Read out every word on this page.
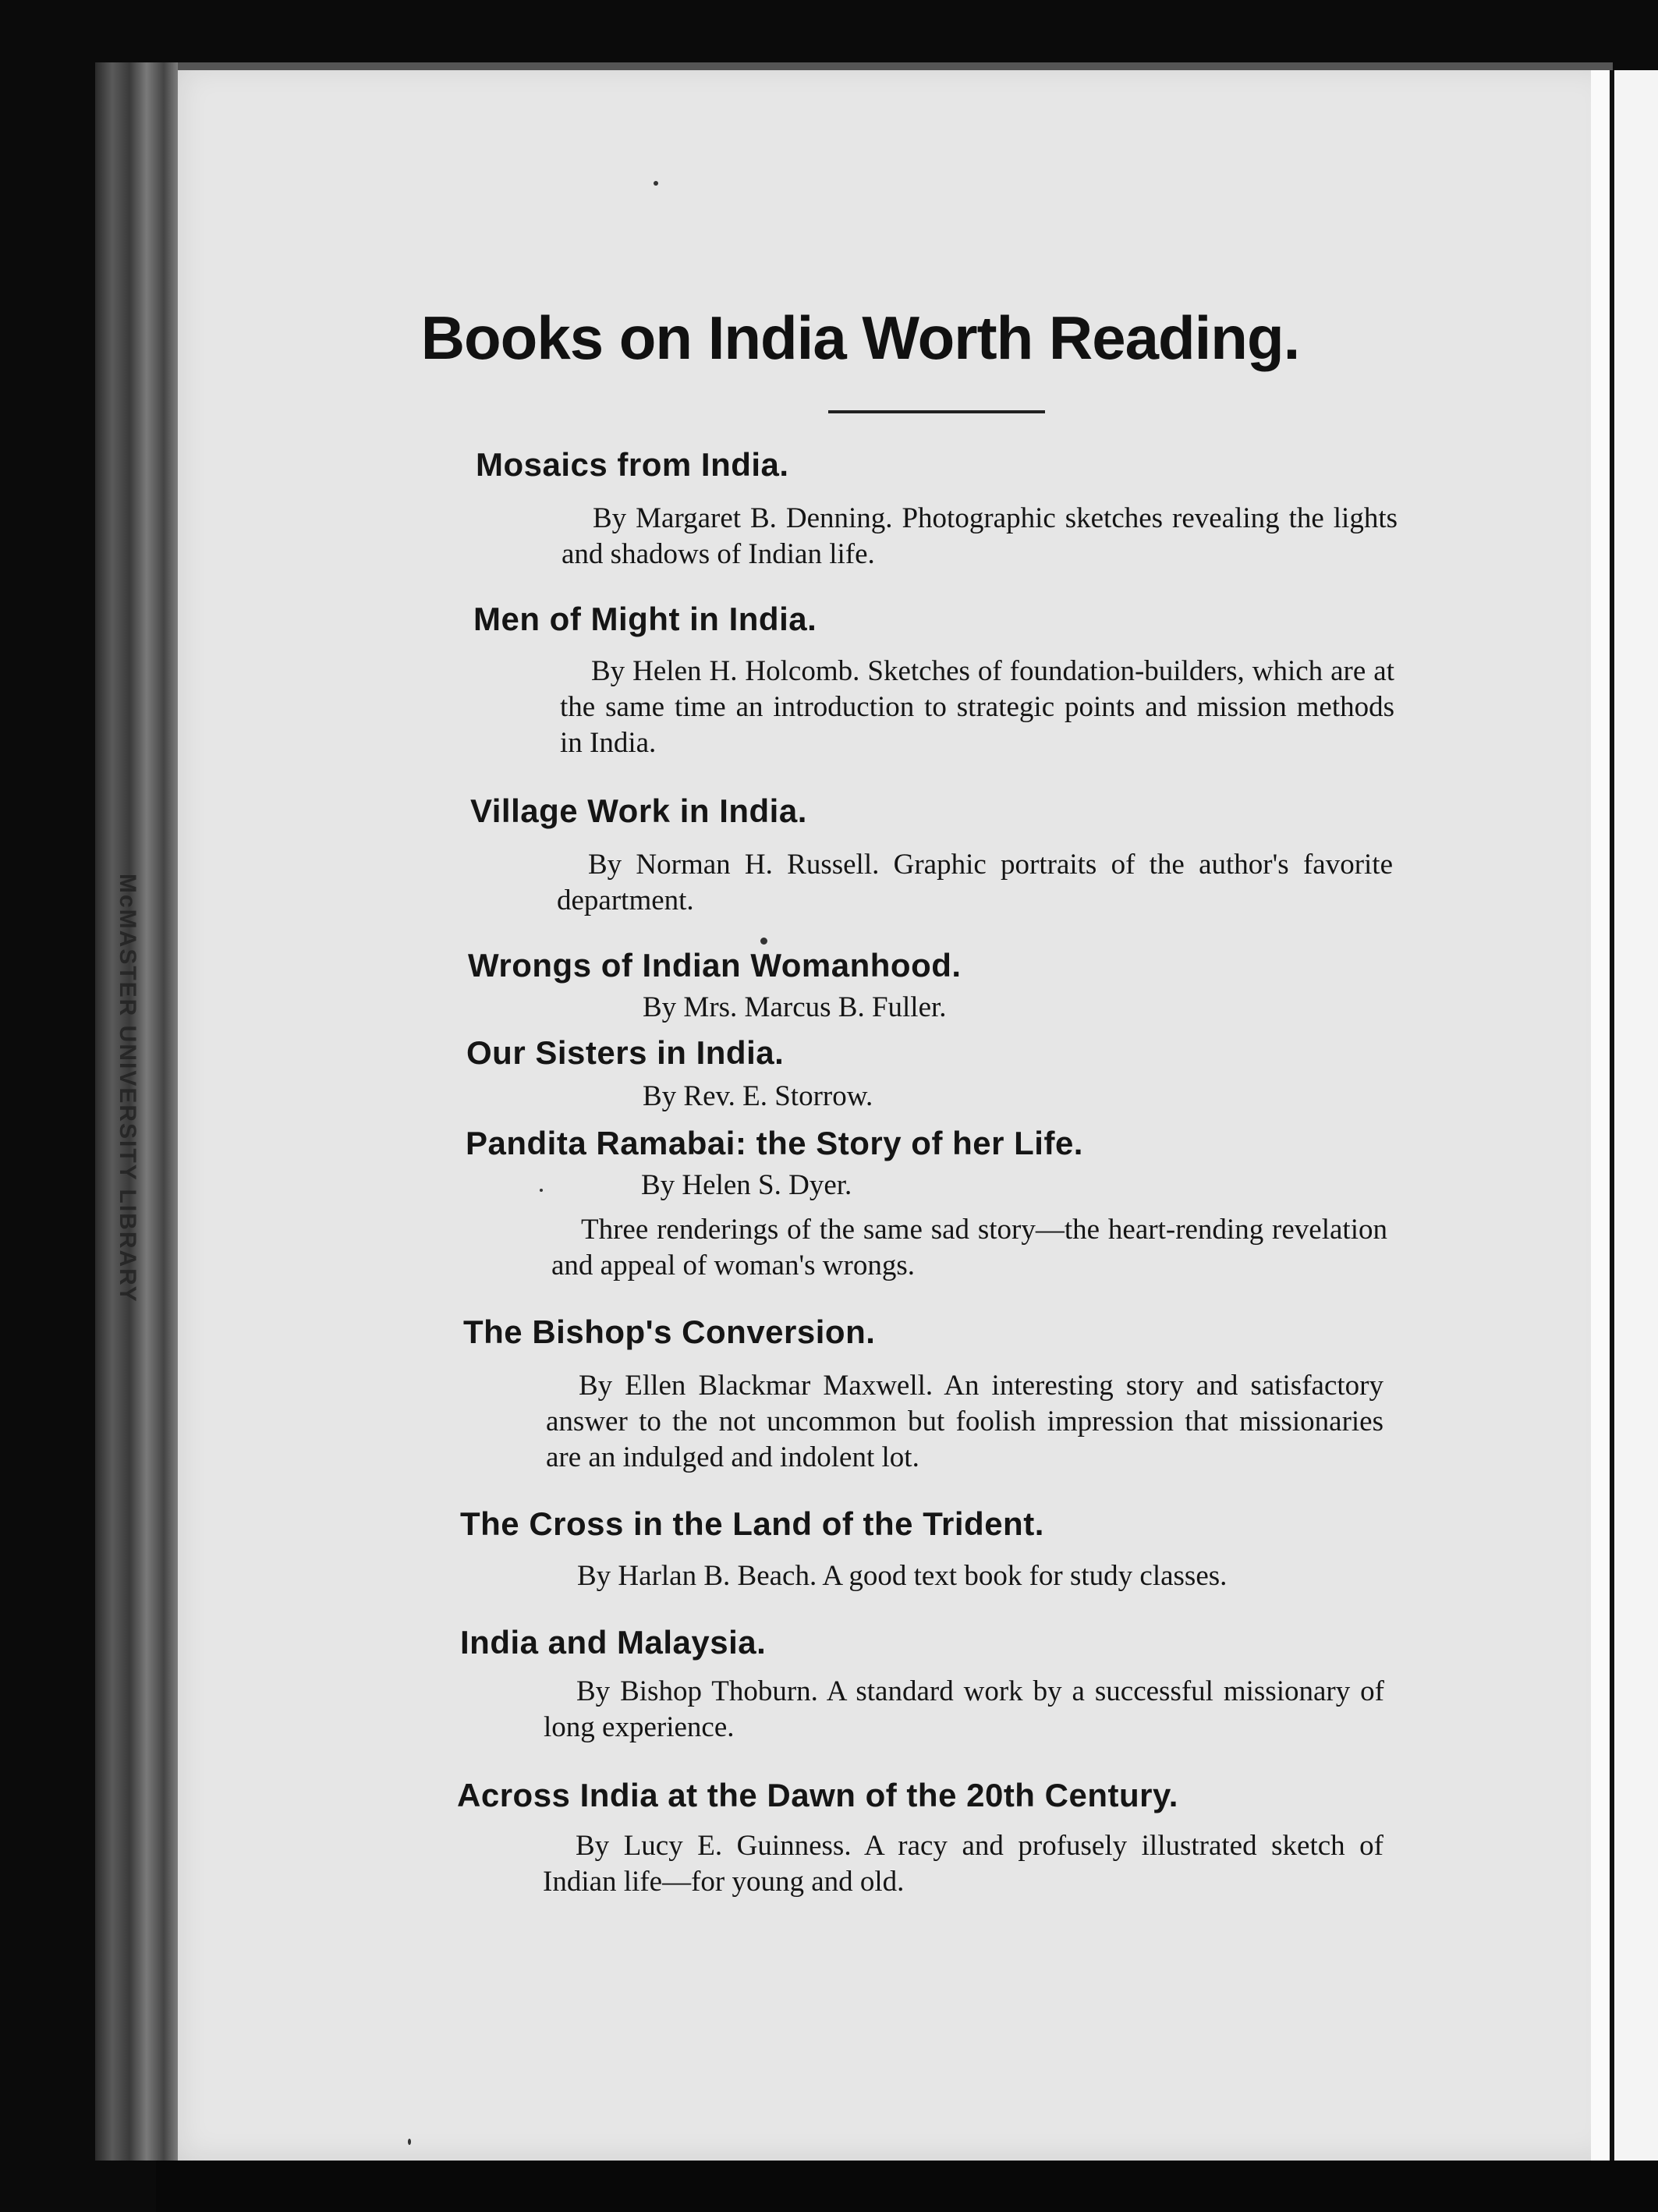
McMASTER UNIVERSITY LIBRARY
Books on India Worth Reading.
Mosaics from India.
By Margaret B. Denning. Photographic sketches revealing the lights and shadows of Indian life.
Men of Might in India.
By Helen H. Holcomb. Sketches of foundation-builders, which are at the same time an introduction to strategic points and mission methods in India.
Village Work in India.
By Norman H. Russell. Graphic portraits of the author's favorite department.
Wrongs of Indian Womanhood.
By Mrs. Marcus B. Fuller.
Our Sisters in India.
By Rev. E. Storrow.
Pandita Ramabai: the Story of her Life.
By Helen S. Dyer.
Three renderings of the same sad story—the heart-rending revelation and appeal of woman's wrongs.
The Bishop's Conversion.
By Ellen Blackmar Maxwell. An interesting story and satisfactory answer to the not uncommon but foolish impression that missionaries are an indulged and indolent lot.
The Cross in the Land of the Trident.
By Harlan B. Beach. A good text book for study classes.
India and Malaysia.
By Bishop Thoburn. A standard work by a successful missionary of long experience.
Across India at the Dawn of the 20th Century.
By Lucy E. Guinness. A racy and profusely illustrated sketch of Indian life—for young and old.
